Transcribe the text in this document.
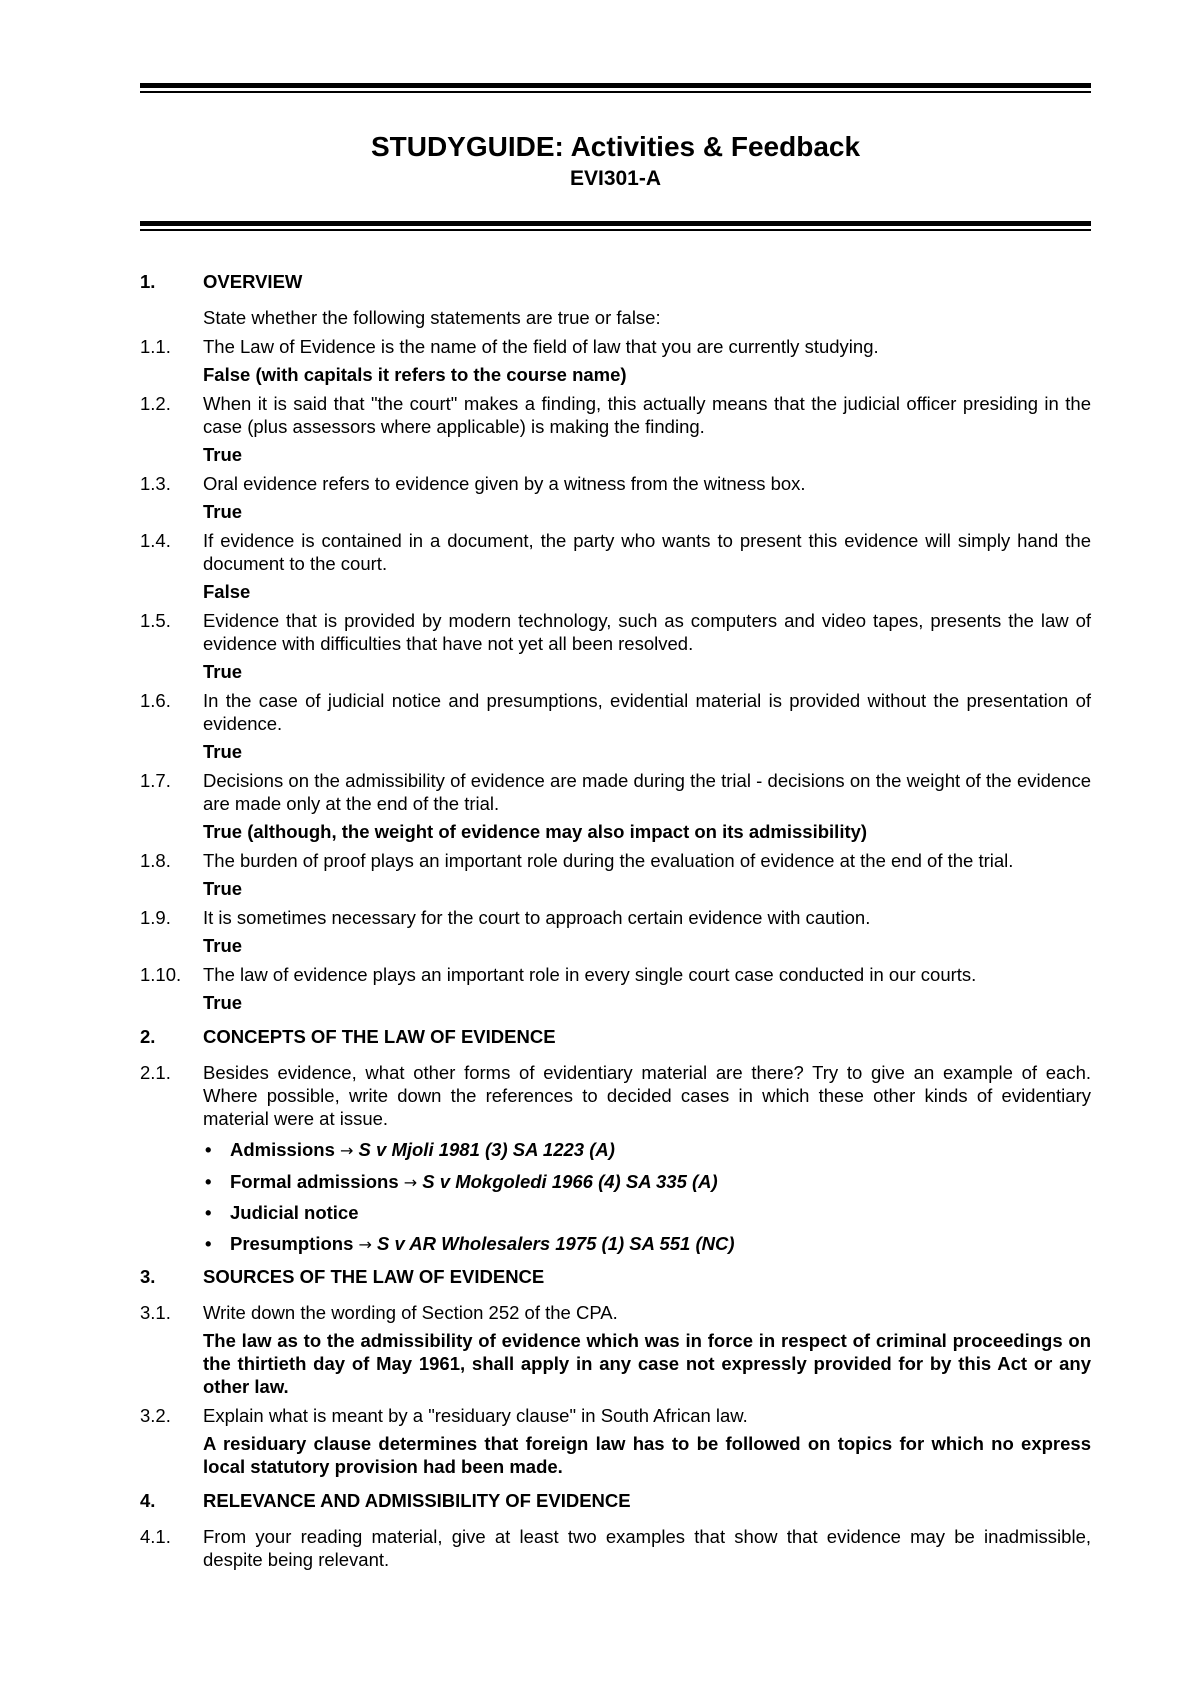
STUDYGUIDE: Activities & Feedback
EVI301-A
1.	OVERVIEW
State whether the following statements are true or false:
1.1. The Law of Evidence is the name of the field of law that you are currently studying.
False (with capitals it refers to the course name)
1.2. When it is said that "the court" makes a finding, this actually means that the judicial officer presiding in the case (plus assessors where applicable) is making the finding.
True
1.3. Oral evidence refers to evidence given by a witness from the witness box.
True
1.4. If evidence is contained in a document, the party who wants to present this evidence will simply hand the document to the court.
False
1.5. Evidence that is provided by modern technology, such as computers and video tapes, presents the law of evidence with difficulties that have not yet all been resolved.
True
1.6. In the case of judicial notice and presumptions, evidential material is provided without the presentation of evidence.
True
1.7. Decisions on the admissibility of evidence are made during the trial - decisions on the weight of the evidence are made only at the end of the trial.
True (although, the weight of evidence may also impact on its admissibility)
1.8. The burden of proof plays an important role during the evaluation of evidence at the end of the trial.
True
1.9. It is sometimes necessary for the court to approach certain evidence with caution.
True
1.10. The law of evidence plays an important role in every single court case conducted in our courts.
True
2.	CONCEPTS OF THE LAW OF EVIDENCE
2.1. Besides evidence, what other forms of evidentiary material are there? Try to give an example of each. Where possible, write down the references to decided cases in which these other kinds of evidentiary material were at issue.
• Admissions → S v Mjoli 1981 (3) SA 1223 (A)
• Formal admissions → S v Mokgoledi 1966 (4) SA 335 (A)
• Judicial notice
• Presumptions → S v AR Wholesalers 1975 (1) SA 551 (NC)
3.	SOURCES OF THE LAW OF EVIDENCE
3.1. Write down the wording of Section 252 of the CPA.
The law as to the admissibility of evidence which was in force in respect of criminal proceedings on the thirtieth day of May 1961, shall apply in any case not expressly provided for by this Act or any other law.
3.2. Explain what is meant by a "residuary clause" in South African law.
A residuary clause determines that foreign law has to be followed on topics for which no express local statutory provision had been made.
4.	RELEVANCE AND ADMISSIBILITY OF EVIDENCE
4.1. From your reading material, give at least two examples that show that evidence may be inadmissible, despite being relevant.
